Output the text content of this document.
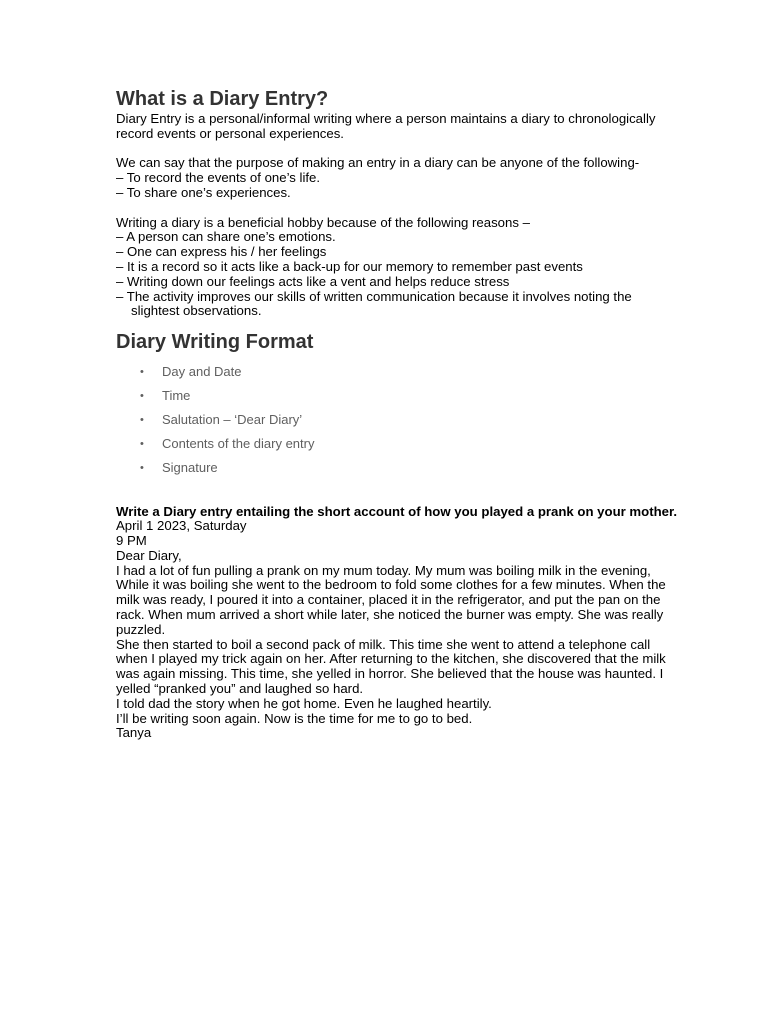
What is a Diary Entry?

Diary Entry is a personal/informal writing where a person maintains a diary to chronologically

record events or personal experiences.

We can say that the purpose of making an entry in a diary can be anyone of the following-

– To record the events of one’s life.

– To share one’s experiences.

Writing a diary is a beneficial hobby because of the following reasons –

– A person can share one’s emotions.

– One can express his / her feelings

– It is a record so it acts like a back-up for our memory to remember past events

– Writing down our feelings acts like a vent and helps reduce stress

– The activity improves our skills of written communication because it involves noting the

slightest observations.

Diary Writing Format
• Day and Date
• Time
• Salutation – ‘Dear Diary’
• Contents of the diary entry
• Signature

Write a Diary entry entailing the short account of how you played a prank on your mother.

April 1 2023, Saturday

9 PM

Dear Diary,

I had a lot of fun pulling a prank on my mum today. My mum was boiling milk in the evening,

While it was boiling she went to the bedroom to fold some clothes for a few minutes. When the

milk was ready, I poured it into a container, placed it in the refrigerator, and put the pan on the

rack. When mum arrived a short while later, she noticed the burner was empty. She was really

puzzled.

She then started to boil a second pack of milk. This time she went to attend a telephone call

when I played my trick again on her. After returning to the kitchen, she discovered that the milk

was again missing. This time, she yelled in horror. She believed that the house was haunted. I

yelled “pranked you” and laughed so hard.

I told dad the story when he got home. Even he laughed heartily.

I’ll be writing soon again. Now is the time for me to go to bed.

Tanya
